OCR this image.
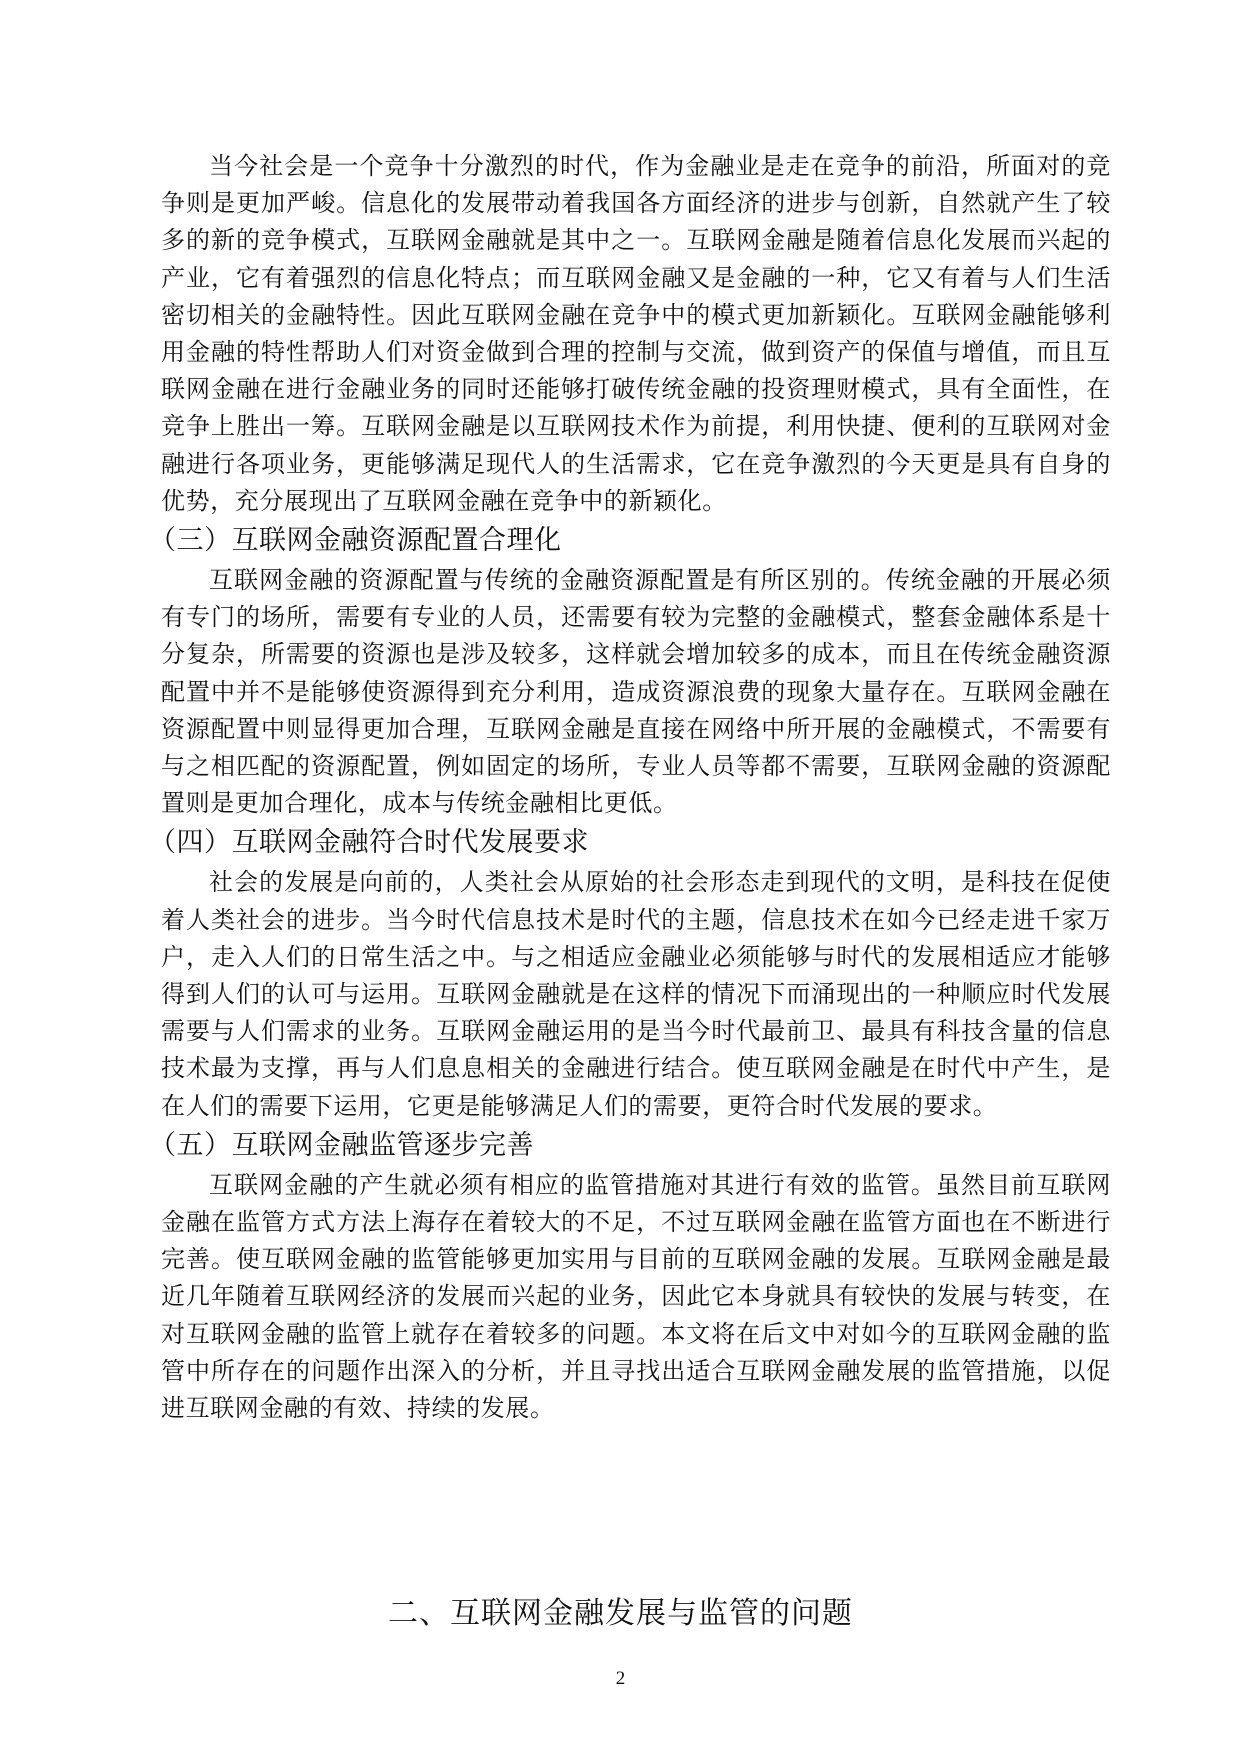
当今社会是一个竞争十分激烈的时代，作为金融业是走在竞争的前沿，所面对的竞争则是更加严峻。信息化的发展带动着我国各方面经济的进步与创新，自然就产生了较多的新的竞争模式，互联网金融就是其中之一。互联网金融是随着信息化发展而兴起的产业，它有着强烈的信息化特点；而互联网金融又是金融的一种，它又有着与人们生活密切相关的金融特性。因此互联网金融在竞争中的模式更加新颖化。互联网金融能够利用金融的特性帮助人们对资金做到合理的控制与交流，做到资产的保值与增值，而且互联网金融在进行金融业务的同时还能够打破传统金融的投资理财模式，具有全面性，在竞争上胜出一筹。互联网金融是以互联网技术作为前提，利用快捷、便利的互联网对金融进行各项业务，更能够满足现代人的生活需求，它在竞争激烈的今天更是具有自身的优势，充分展现出了互联网金融在竞争中的新颖化。

（三）互联网金融资源配置合理化

互联网金融的资源配置与传统的金融资源配置是有所区别的。传统金融的开展必须有专门的场所，需要有专业的人员，还需要有较为完整的金融模式，整套金融体系是十分复杂，所需要的资源也是涉及较多，这样就会增加较多的成本，而且在传统金融资源配置中并不是能够使资源得到充分利用，造成资源浪费的现象大量存在。互联网金融在资源配置中则显得更加合理，互联网金融是直接在网络中所开展的金融模式，不需要有与之相匹配的资源配置，例如固定的场所，专业人员等都不需要，互联网金融的资源配置则是更加合理化，成本与传统金融相比更低。

（四）互联网金融符合时代发展要求

社会的发展是向前的，人类社会从原始的社会形态走到现代的文明，是科技在促使着人类社会的进步。当今时代信息技术是时代的主题，信息技术在如今已经走进千家万户，走入人们的日常生活之中。与之相适应金融业必须能够与时代的发展相适应才能够得到人们的认可与运用。互联网金融就是在这样的情况下而涌现出的一种顺应时代发展需要与人们需求的业务。互联网金融运用的是当今时代最前卫、最具有科技含量的信息技术最为支撑，再与人们息息相关的金融进行结合。使互联网金融是在时代中产生，是在人们的需要下运用，它更是能够满足人们的需要，更符合时代发展的要求。

（五）互联网金融监管逐步完善

互联网金融的产生就必须有相应的监管措施对其进行有效的监管。虽然目前互联网金融在监管方式方法上海存在着较大的不足，不过互联网金融在监管方面也在不断进行完善。使互联网金融的监管能够更加实用与目前的互联网金融的发展。互联网金融是最近几年随着互联网经济的发展而兴起的业务，因此它本身就具有较快的发展与转变，在对互联网金融的监管上就存在着较多的问题。本文将在后文中对如今的互联网金融的监管中所存在的问题作出深入的分析，并且寻找出适合互联网金融发展的监管措施，以促进互联网金融的有效、持续的发展。

二、互联网金融发展与监管的问题
2
